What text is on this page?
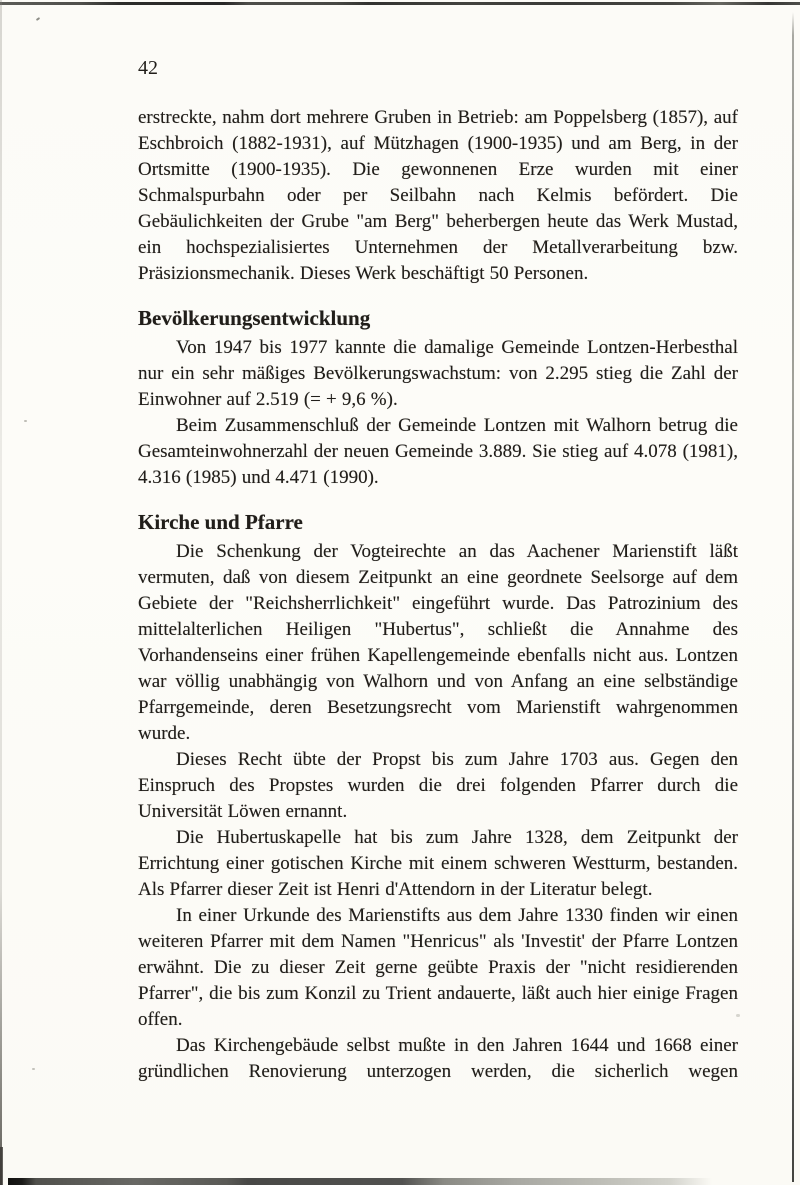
42

erstreckte, nahm dort mehrere Gruben in Betrieb: am Poppelsberg (1857), auf Eschbroich (1882-1931), auf Mützhagen (1900-1935) und am Berg, in der Ortsmitte (1900-1935). Die gewonnenen Erze wurden mit einer Schmalspurbahn oder per Seilbahn nach Kelmis befördert. Die Gebäulichkeiten der Grube "am Berg" beherbergen heute das Werk Mustad, ein hochspezialisiertes Unternehmen der Metallverarbeitung bzw. Präsizionsmechanik. Dieses Werk beschäftigt 50 Personen.

Bevölkerungsentwicklung

Von 1947 bis 1977 kannte die damalige Gemeinde Lontzen-Herbesthal nur ein sehr mäßiges Bevölkerungswachstum: von 2.295 stieg die Zahl der Einwohner auf 2.519 (= + 9,6 %).

Beim Zusammenschluß der Gemeinde Lontzen mit Walhorn betrug die Gesamteinwohnerzahl der neuen Gemeinde 3.889. Sie stieg auf 4.078 (1981), 4.316 (1985) und 4.471 (1990).

Kirche und Pfarre

Die Schenkung der Vogteirechte an das Aachener Marienstift läßt vermuten, daß von diesem Zeitpunkt an eine geordnete Seelsorge auf dem Gebiete der "Reichsherrlichkeit" eingeführt wurde. Das Patrozinium des mittelalterlichen Heiligen "Hubertus", schließt die Annahme des Vorhandenseins einer frühen Kapellengemeinde ebenfalls nicht aus. Lontzen war völlig unabhängig von Walhorn und von Anfang an eine selbständige Pfarrgemeinde, deren Besetzungsrecht vom Marienstift wahrgenommen wurde.

Dieses Recht übte der Propst bis zum Jahre 1703 aus. Gegen den Einspruch des Propstes wurden die drei folgenden Pfarrer durch die Universität Löwen ernannt.

Die Hubertuskapelle hat bis zum Jahre 1328, dem Zeitpunkt der Errichtung einer gotischen Kirche mit einem schweren Westturm, bestanden. Als Pfarrer dieser Zeit ist Henri d'Attendorn in der Literatur belegt.

In einer Urkunde des Marienstifts aus dem Jahre 1330 finden wir einen weiteren Pfarrer mit dem Namen "Henricus" als 'Investit' der Pfarre Lontzen erwähnt. Die zu dieser Zeit gerne geübte Praxis der "nicht residierenden Pfarrer", die bis zum Konzil zu Trient andauerte, läßt auch hier einige Fragen offen.

Das Kirchengebäude selbst mußte in den Jahren 1644 und 1668 einer gründlichen Renovierung unterzogen werden, die sicherlich wegen
